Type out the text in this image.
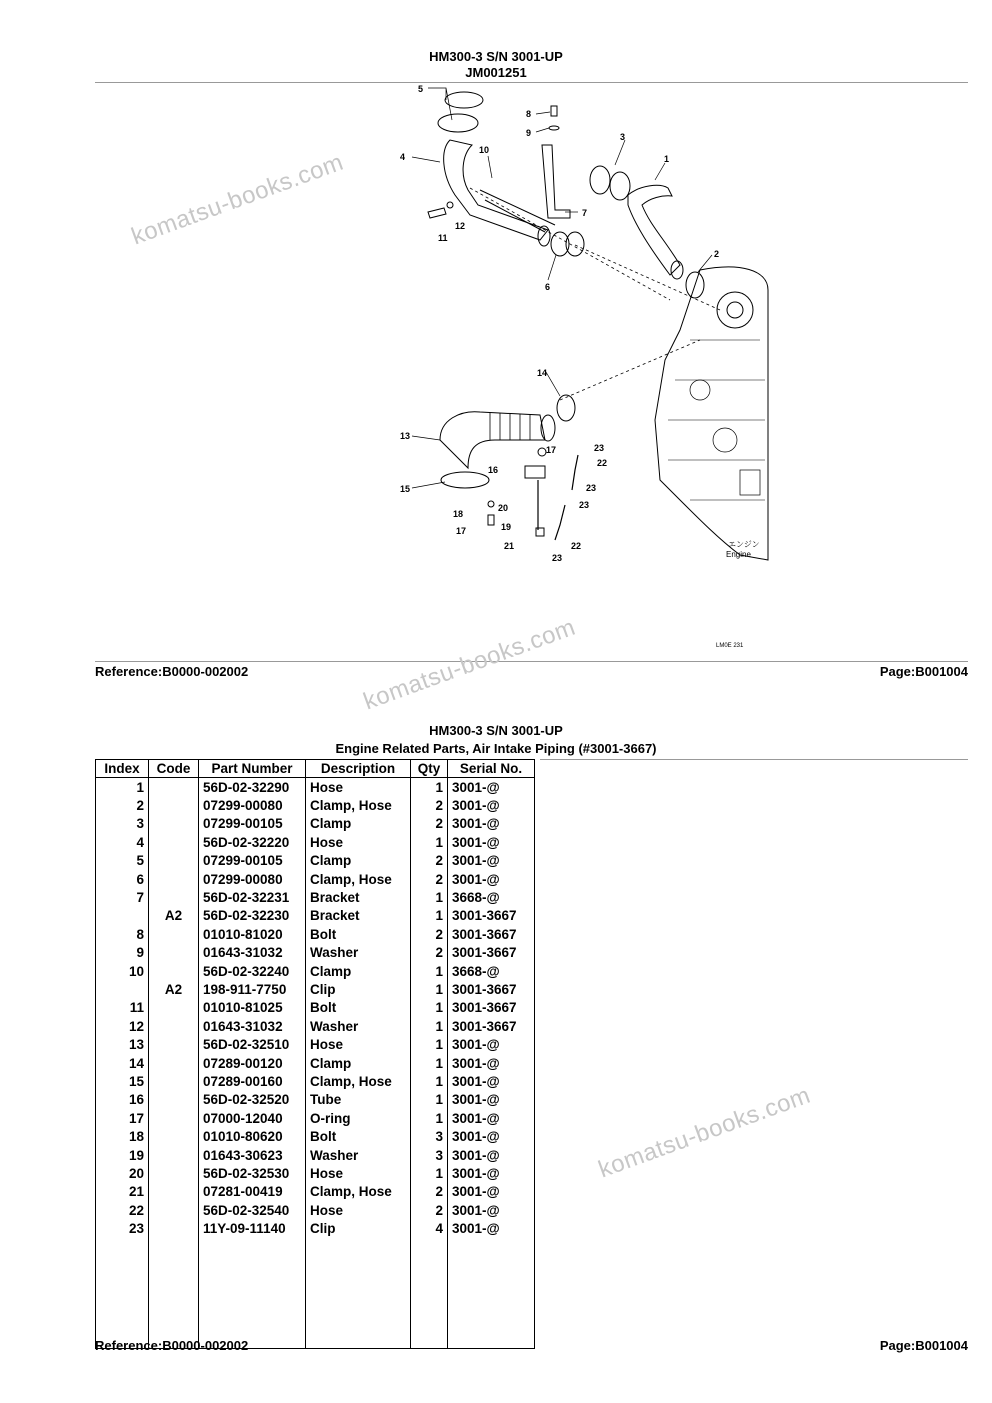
HM300-3 S/N 3001-UP
JM001251
5
4
10
8
9	3
1
7
12
11
2
6
14
13
17	23
22
16
23
15
23
20
18
19
17
22
21
23
エンジン
Engine
LM0E 231
Reference:B0000-002002	Page:B001004
komatsu-books.com
komatsu-books.com
komatsu-books.com
HM300-3 S/N 3001-UP
Engine Related Parts, Air Intake Piping (#3001-3667)
Index	Code	Part Number	Description	Qty	Serial No.
1		56D-02-32290	Hose	1	3001-@
2		07299-00080	Clamp, Hose	2	3001-@
3		07299-00105	Clamp	2	3001-@
4		56D-02-32220	Hose	1	3001-@
5		07299-00105	Clamp	2	3001-@
6		07299-00080	Clamp, Hose	2	3001-@
7		56D-02-32231	Bracket	1	3668-@
	A2	56D-02-32230	Bracket	1	3001-3667
8		01010-81020	Bolt	2	3001-3667
9		01643-31032	Washer	2	3001-3667
10		56D-02-32240	Clamp	1	3668-@
	A2	198-911-7750	Clip	1	3001-3667
11		01010-81025	Bolt	1	3001-3667
12		01643-31032	Washer	1	3001-3667
13		56D-02-32510	Hose	1	3001-@
14		07289-00120	Clamp	1	3001-@
15		07289-00160	Clamp, Hose	1	3001-@
16		56D-02-32520	Tube	1	3001-@
17		07000-12040	O-ring	1	3001-@
18		01010-80620	Bolt	3	3001-@
19		01643-30623	Washer	3	3001-@
20		56D-02-32530	Hose	1	3001-@
21		07281-00419	Clamp, Hose	2	3001-@
22		56D-02-32540	Hose	2	3001-@
23		11Y-09-11140	Clip	4	3001-@

Reference:B0000-002002	Page:B001004
